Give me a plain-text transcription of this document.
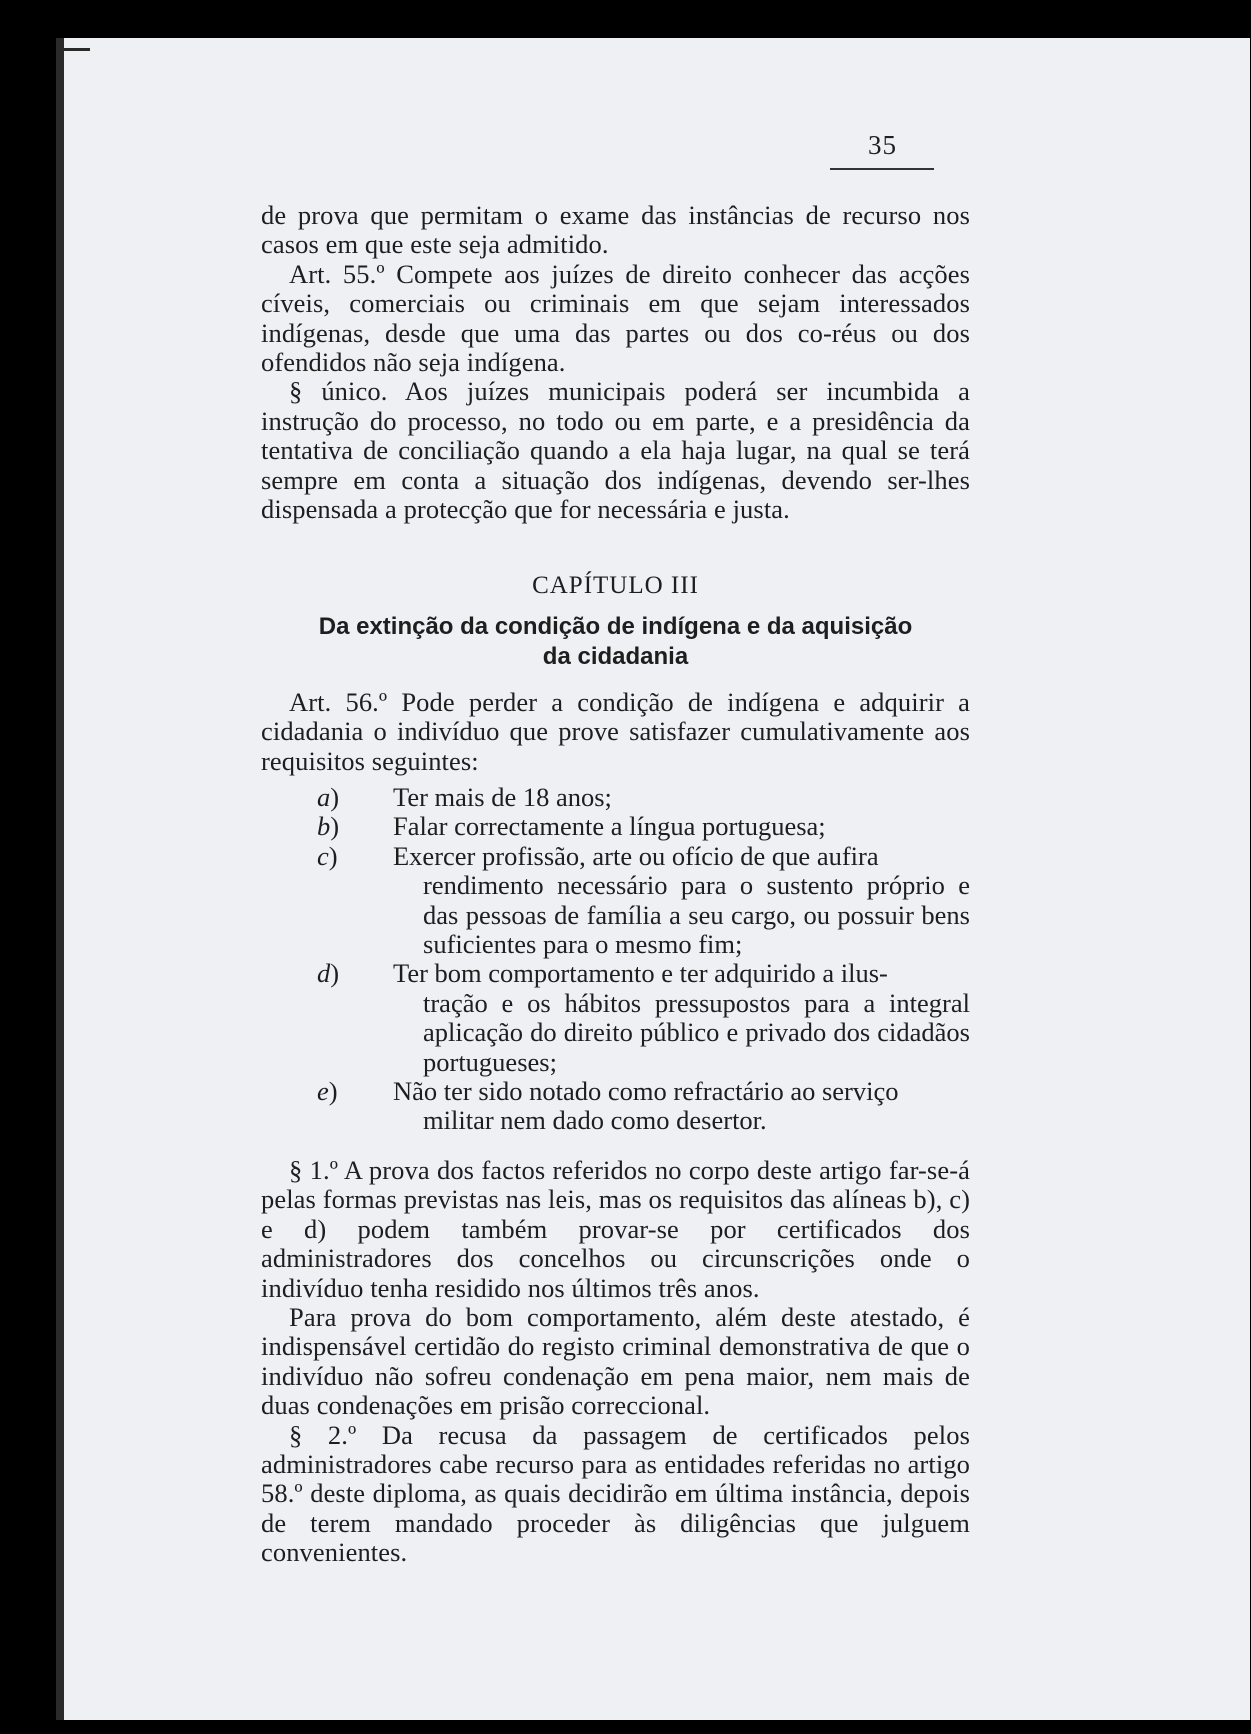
35

de prova que permitam o exame das instâncias de recurso nos casos em que este seja admitido.

Art. 55.º Compete aos juízes de direito conhecer das acções cíveis, comerciais ou criminais em que sejam interessados indígenas, desde que uma das partes ou dos co-réus ou dos ofendidos não seja indígena.

§ único. Aos juízes municipais poderá ser incumbida a instrução do processo, no todo ou em parte, e a presidência da tentativa de conciliação quando a ela haja lugar, na qual se terá sempre em conta a situação dos indígenas, devendo ser-lhes dispensada a protecção que for necessária e justa.

CAPÍTULO III
Da extinção da condição de indígena e da aquisição
da cidadania

Art. 56.º Pode perder a condição de indígena e adquirir a cidadania o indivíduo que prove satisfazer cumulativamente aos requisitos seguintes:

a)	Ter mais de 18 anos;
b)	Falar correctamente a língua portuguesa;
c)	Exercer profissão, arte ou ofício de que aufira
rendimento necessário para o sustento próprio e das pessoas de família a seu cargo, ou possuir bens suficientes para o mesmo fim;
d)	Ter bom comportamento e ter adquirido a ilus-
tração e os hábitos pressupostos para a integral aplicação do direito público e privado dos cidadãos portugueses;
e)	Não ter sido notado como refractário ao serviço
militar nem dado como desertor.

§ 1.º A prova dos factos referidos no corpo deste artigo far-se-á pelas formas previstas nas leis, mas os requisitos das alíneas b), c) e d) podem também provar-se por certificados dos administradores dos concelhos ou circunscrições onde o indivíduo tenha residido nos últimos três anos.

Para prova do bom comportamento, além deste atestado, é indispensável certidão do registo criminal demonstrativa de que o indivíduo não sofreu condenação em pena maior, nem mais de duas condenações em prisão correccional.

§ 2.º Da recusa da passagem de certificados pelos administradores cabe recurso para as entidades referidas no artigo 58.º deste diploma, as quais decidirão em última instância, depois de terem mandado proceder às diligências que julguem convenientes.
